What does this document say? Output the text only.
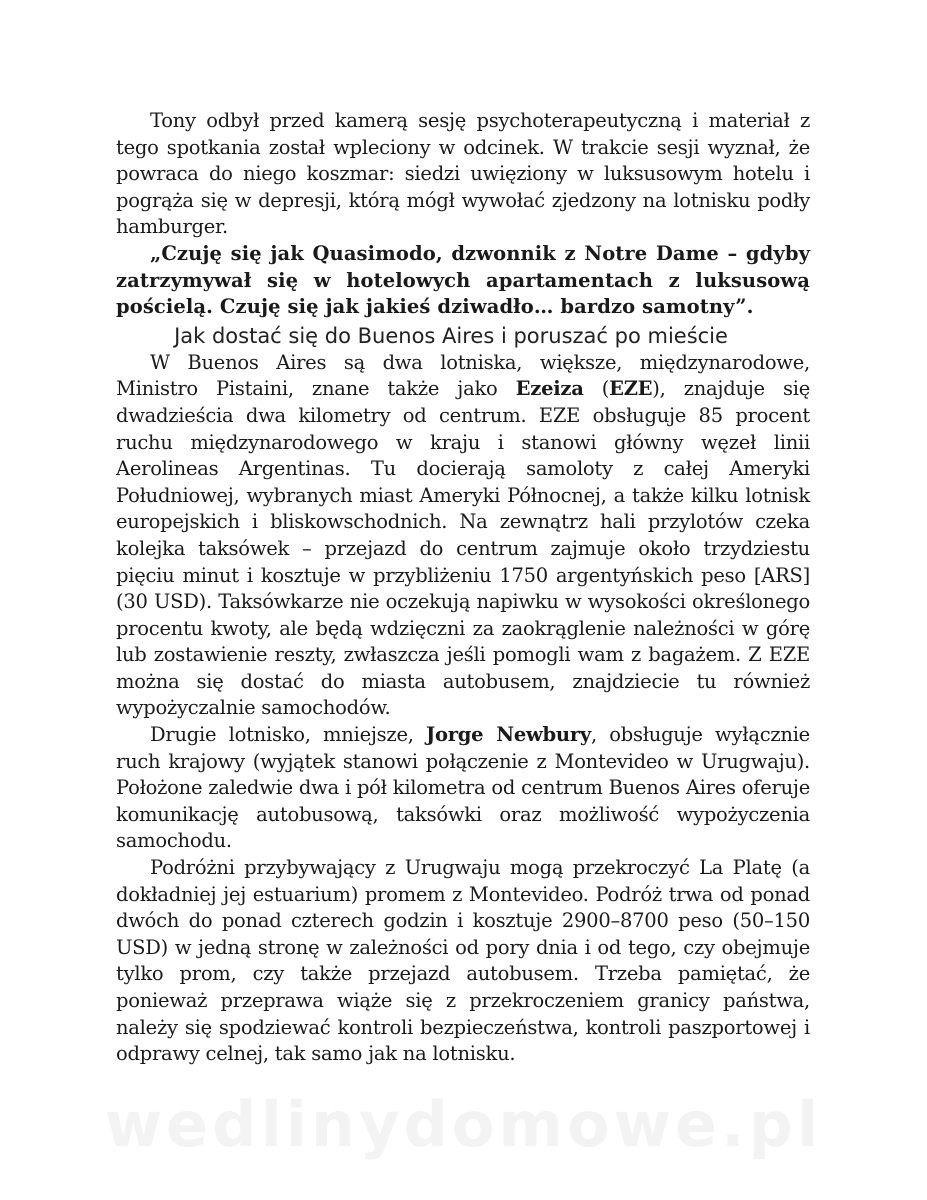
Tony odbył przed kamerą sesję psychoterapeutyczną i materiał z tego spotkania został wpleciony w odcinek. W trakcie sesji wyznał, że powraca do niego koszmar: siedzi uwięziony w luksusowym hotelu i pogrąża się w depresji, którą mógł wywołać zjedzony na lotnisku podły hamburger.

„Czuję się jak Quasimodo, dzwonnik z Notre Dame – gdyby zatrzymywał się w hotelowych apartamentach z luksusową pościelą. Czuję się jak jakieś dziwadło… bardzo samotny”.

Jak dostać się do Buenos Aires i poruszać po mieście

W Buenos Aires są dwa lotniska, większe, międzynarodowe, Ministro Pistaini, znane także jako Ezeiza (EZE), znajduje się dwadzieścia dwa kilometry od centrum. EZE obsługuje 85 procent ruchu międzynarodowego w kraju i stanowi główny węzeł linii Aerolineas Argentinas. Tu docierają samoloty z całej Ameryki Południowej, wybranych miast Ameryki Północnej, a także kilku lotnisk europejskich i bliskowschodnich. Na zewnątrz hali przylotów czeka kolejka taksówek – przejazd do centrum zajmuje około trzydziestu pięciu minut i kosztuje w przybliżeniu 1750 argentyńskich peso [ARS] (30 USD). Taksówkarze nie oczekują napiwku w wysokości określonego procentu kwoty, ale będą wdzięczni za zaokrąglenie należności w górę lub zostawienie reszty, zwłaszcza jeśli pomogli wam z bagażem. Z EZE można się dostać do miasta autobusem, znajdziecie tu również wypożyczalnie samochodów.

Drugie lotnisko, mniejsze, Jorge Newbury, obsługuje wyłącznie ruch krajowy (wyjątek stanowi połączenie z Montevideo w Urugwaju). Położone zaledwie dwa i pół kilometra od centrum Buenos Aires oferuje komunikację autobusową, taksówki oraz możliwość wypożyczenia samochodu.

Podróżni przybywający z Urugwaju mogą przekroczyć La Platę (a dokładniej jej estuarium) promem z Montevideo. Podróż trwa od ponad dwóch do ponad czterech godzin i kosztuje 2900–8700 peso (50–150 USD) w jedną stronę w zależności od pory dnia i od tego, czy obejmuje tylko prom, czy także przejazd autobusem. Trzeba pamiętać, że ponieważ przeprawa wiąże się z przekroczeniem granicy państwa, należy się spodziewać kontroli bezpieczeństwa, kontroli paszportowej i odprawy celnej, tak samo jak na lotnisku.

wedlinydomowe.pl
